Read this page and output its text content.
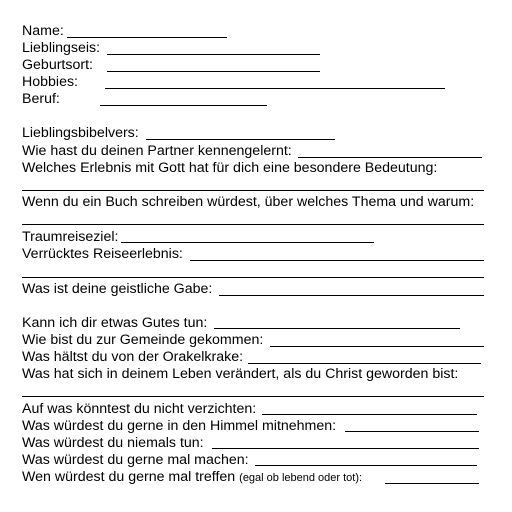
Name:
Lieblingseis:
Geburtsort:
Hobbies:
Beruf:
Lieblingsbibelvers:
Wie hast du deinen Partner kennengelernt:
Welches Erlebnis mit Gott hat für dich eine besondere Bedeutung:
Wenn du ein Buch schreiben würdest, über welches Thema und warum:
Traumreiseziel:
Verrücktes Reiseerlebnis:
Was ist deine geistliche Gabe:
Kann ich dir etwas Gutes tun:
Wie bist du zur Gemeinde gekommen:
Was hältst du von der Orakelkrake:
Was hat sich in deinem Leben verändert, als du Christ geworden bist:
Auf was könntest du nicht verzichten:
Was würdest du gerne in den Himmel mitnehmen:
Was würdest du niemals tun:
Was würdest du gerne mal machen:
Wen würdest du gerne mal treffen (egal ob lebend oder tot):
